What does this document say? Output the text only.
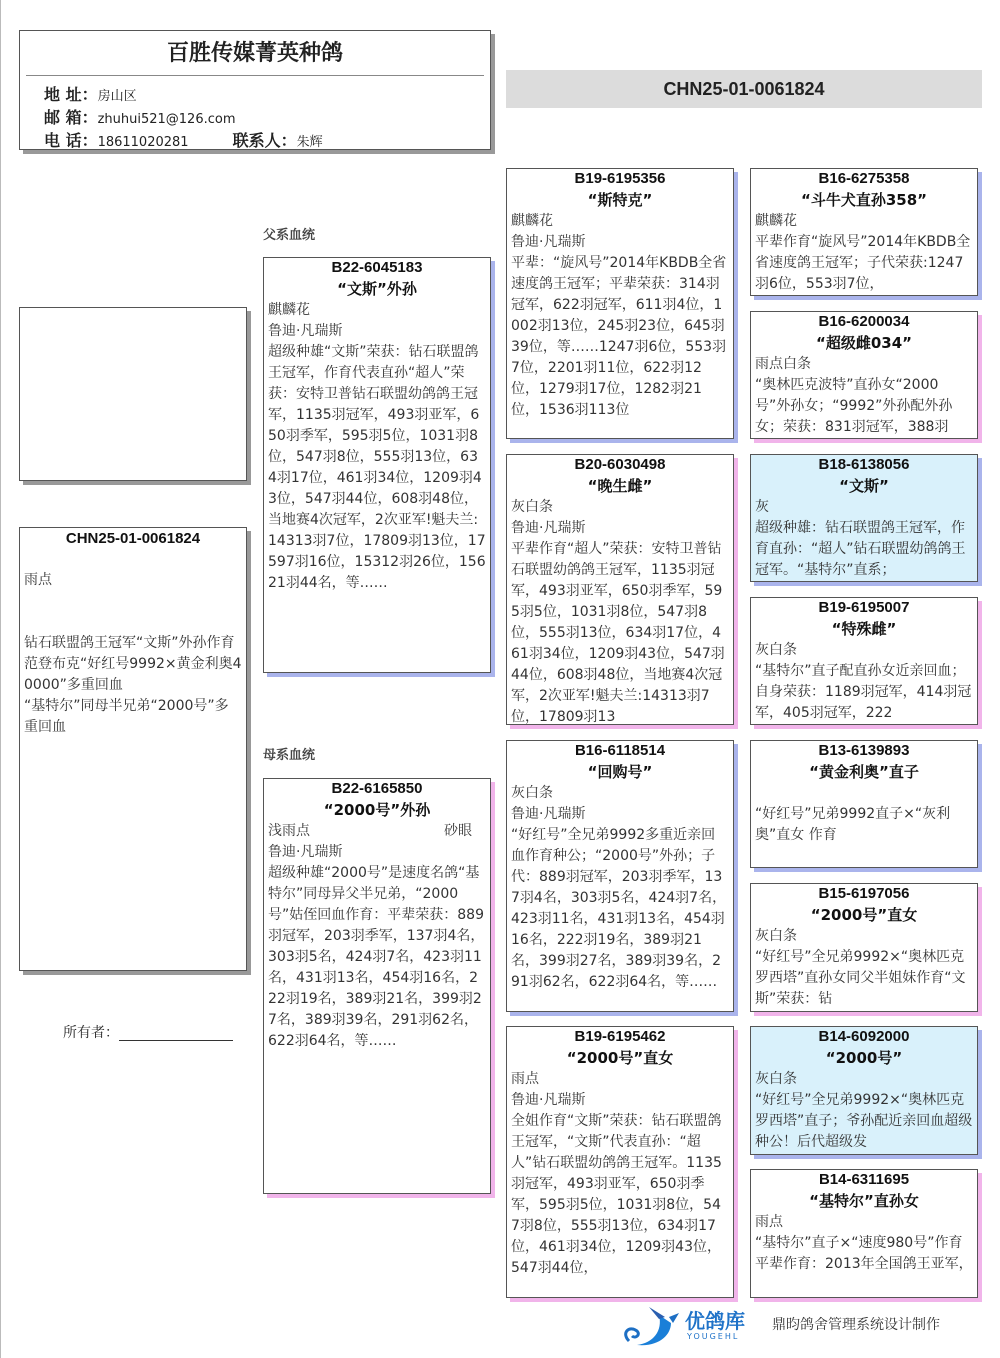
百胜传媒菁英种鸽
地 址：房山区
邮 箱：zhuhui521@126.com
电 话：18611020281	联系人：朱辉
CHN25-01-0061824
CHN25-01-0061824
雨点
钻石联盟鸽王冠军“文斯”外孙作育
范登布克“好红号9992×黄金利奥40000”多重回血
“基特尔”同母半兄弟“2000号”多重回血
所有者：
父系血统
母系血统
B22-6045183
“文斯”外孙
麒麟花
鲁迪·凡瑞斯
超级种雄“文斯”荣获：钻石联盟鸽王冠军，作育代表直孙“超人”荣获：安特卫普钻石联盟幼鸽鸽王冠军，1135羽冠军，493羽亚军，650羽季军，595羽5位，1031羽8位，547羽8位，555羽13位，634羽17位，461羽34位，1209羽43位，547羽44位，608羽48位，当地赛4次冠军，2次亚军!魁夫兰:14313羽7位，17809羽13位，17597羽16位，15312羽26位，15621羽44名，等……
B22-6165850
“2000号”外孙
浅雨点	砂眼
鲁迪·凡瑞斯
超级种雄“2000号”是速度名鸽“基特尔”同母异父半兄弟，“2000号”姑侄回血作育：平辈荣获：889羽冠军，203羽季军，137羽4名，303羽5名，424羽7名，423羽11名，431羽13名，454羽16名，222羽19名，389羽21名，399羽27名，389羽39名，291羽62名，622羽64名，等……
B19-6195356
“斯特克”
麒麟花
鲁迪·凡瑞斯
平辈：“旋风号”2014年KBDB全省速度鸽王冠军；平辈荣获：314羽冠军，622羽冠军，611羽4位，1002羽13位，245羽23位，645羽39位，等……1247羽6位，553羽7位，2201羽11位，622羽12位，1279羽17位，1282羽21位，1536羽113位
B20-6030498
“晚生雌”
灰白条
鲁迪·凡瑞斯
平辈作育“超人”荣获：安特卫普钻石联盟幼鸽鸽王冠军，1135羽冠军，493羽亚军，650羽季军，595羽5位，1031羽8位，547羽8位，555羽13位，634羽17位，461羽34位，1209羽43位，547羽44位，608羽48位，当地赛4次冠军，2次亚军!魁夫兰:14313羽7位，17809羽13
B16-6118514
“回购号”
灰白条
鲁迪·凡瑞斯
“好红号”全兄弟9992多重近亲回血作育种公；“2000号”外孙；子代：889羽冠军，203羽季军，137羽4名，303羽5名，424羽7名，423羽11名，431羽13名，454羽16名，222羽19名，389羽21名，399羽27名，389羽39名，291羽62名，622羽64名，等……
B19-6195462
“2000号”直女
雨点
鲁迪·凡瑞斯
全姐作育“文斯”荣获：钻石联盟鸽王冠军，“文斯”代表直孙：“超人”钻石联盟幼鸽鸽王冠军。1135羽冠军，493羽亚军，650羽季军，595羽5位，1031羽8位，547羽8位，555羽13位，634羽17位，461羽34位，1209羽43位，547羽44位，
B16-6275358
“斗牛犬直孙358”
麒麟花
平辈作育“旋风号”2014年KBDB全省速度鸽王冠军；子代荣获:1247羽6位，553羽7位，
B16-6200034
“超级雌034”
雨点白条
“奥林匹克波特”直孙女“2000号”外孙女；“9992”外孙配外孙女；荣获：831羽冠军，388羽
B18-6138056
“文斯”
灰
超级种雄：钻石联盟鸽王冠军，作育直孙：“超人”钻石联盟幼鸽鸽王冠军。“基特尔”直系；
B19-6195007
“特殊雌”
灰白条
“基特尔”直子配直孙女近亲回血；自身荣获：1189羽冠军，414羽冠军，405羽冠军，222
B13-6139893
“黄金利奥”直子
“好红号”兄弟9992直子×“灰利奥”直女 作育
B15-6197056
“2000号”直女
灰白条
“好红号”全兄弟9992×“奥林匹克罗西塔”直孙女同父半姐妹作育“文斯”荣获：钻
B14-6092000
“2000号”
灰白条
“好红号”全兄弟9992×“奥林匹克罗西塔”直子；爷孙配近亲回血超级种公！后代超级发
B14-6311695
“基特尔”直孙女
雨点
“基特尔”直子×“速度980号”作育平辈作育：2013年全国鸽王亚军，
优鸽库
YOUGEHL
鼎昀鸽舍管理系统设计制作
